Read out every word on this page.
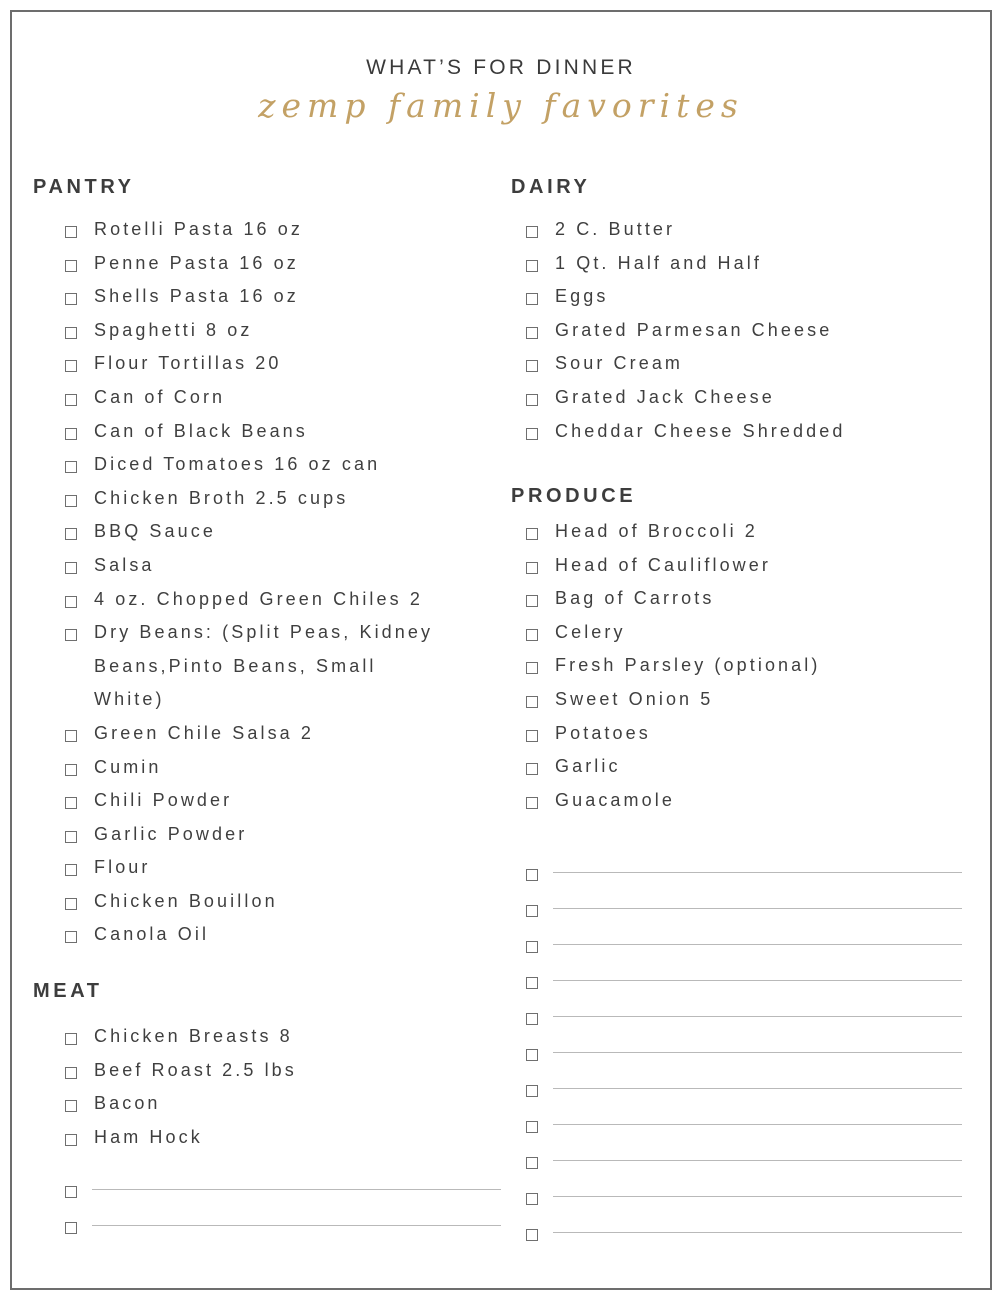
WHAT’S FOR DINNER
zemp family favorites
PANTRY
Rotelli Pasta 16 oz
Penne Pasta 16 oz
Shells Pasta 16 oz
Spaghetti 8 oz
Flour Tortillas 20
Can of Corn
Can of Black Beans
Diced Tomatoes 16 oz can
Chicken Broth 2.5 cups
BBQ Sauce
Salsa
4 oz. Chopped Green Chiles 2
Dry Beans: (Split Peas, Kidney Beans,Pinto Beans, Small White)
Green Chile Salsa 2
Cumin
Chili Powder
Garlic Powder
Flour
Chicken Bouillon
Canola Oil
MEAT
Chicken Breasts 8
Beef Roast 2.5 lbs
Bacon
Ham Hock
DAIRY
2 C. Butter
1 Qt. Half and Half
Eggs
Grated Parmesan Cheese
Sour Cream
Grated Jack Cheese
Cheddar Cheese Shredded
PRODUCE
Head of Broccoli 2
Head of Cauliflower
Bag of Carrots
Celery
Fresh Parsley (optional)
Sweet Onion 5
Potatoes
Garlic
Guacamole
